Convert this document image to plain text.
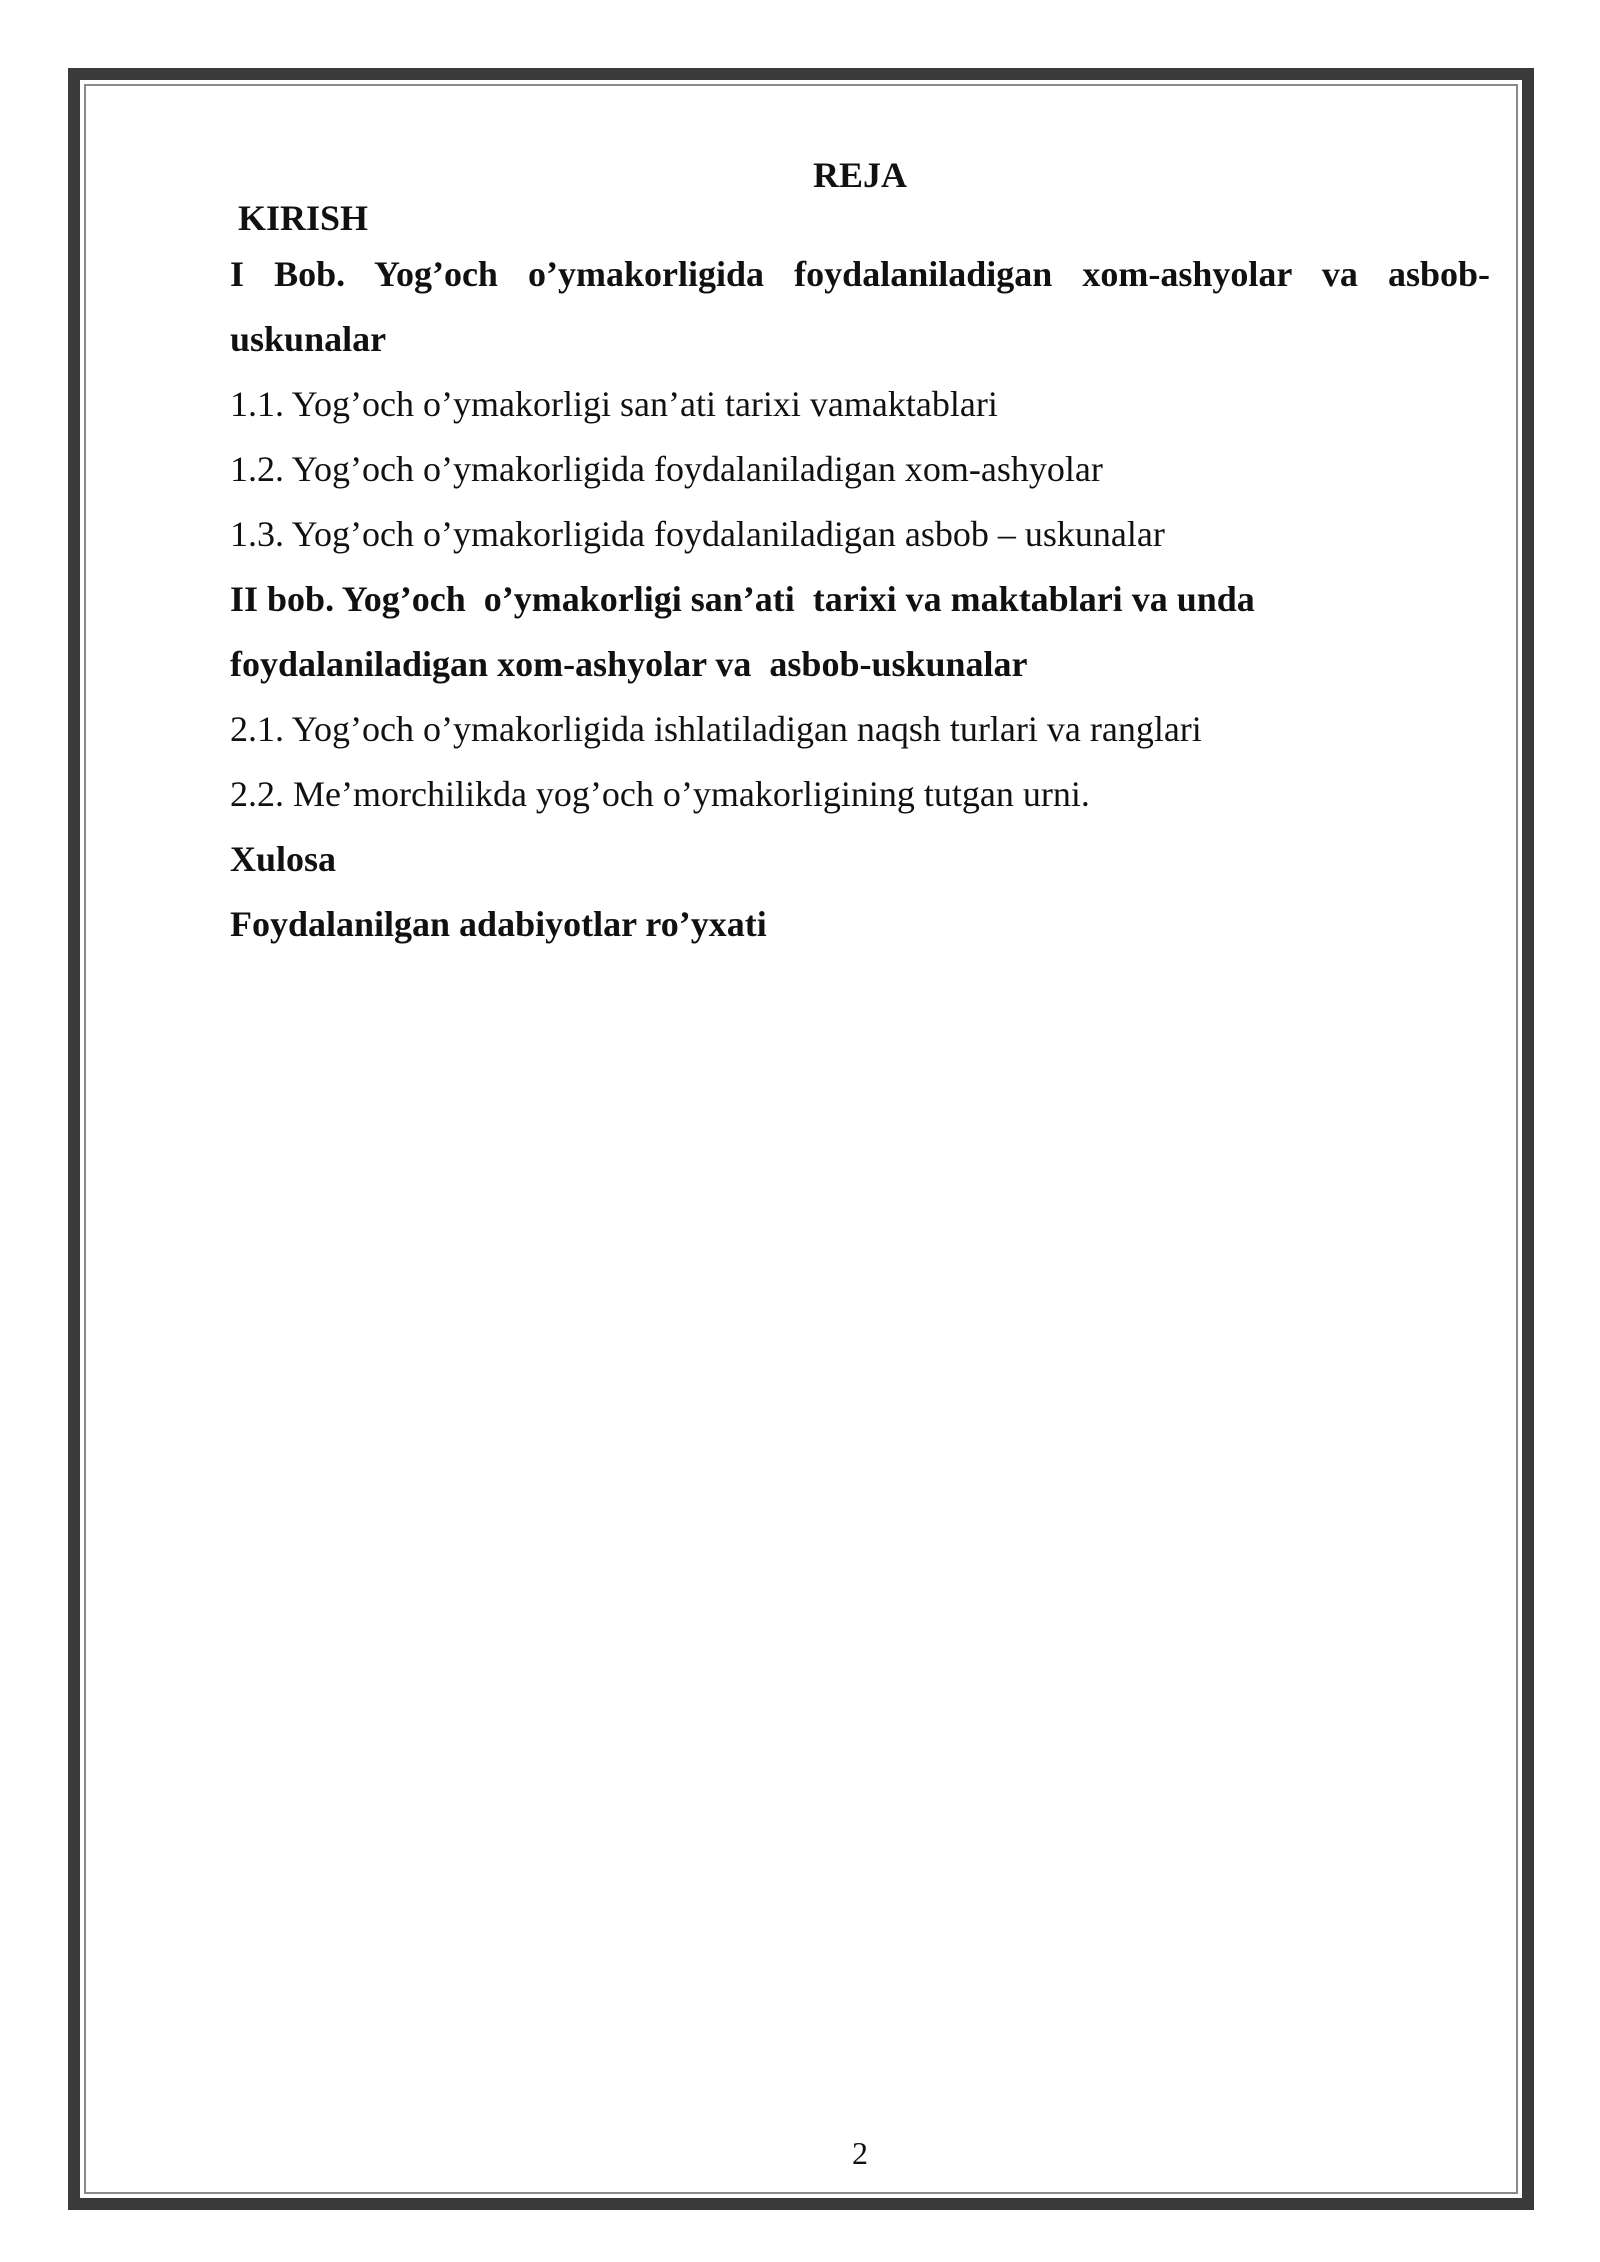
REJA

KIRISH

I Bob. Yog’och o’ymakorligida foydalaniladigan xom-ashyolar va asbob-uskunalar

1.1. Yog’och o’ymakorligi san’ati tarixi vamaktablari

1.2. Yog’och o’ymakorligida foydalaniladigan xom-ashyolar

1.3. Yog’och o’ymakorligida foydalaniladigan asbob – uskunalar

II bob. Yog’och  o’ymakorligi san’ati  tarixi va maktablari va unda

foydalaniladigan xom-ashyolar va  asbob-uskunalar

2.1. Yog’och o’ymakorligida ishlatiladigan naqsh turlari va ranglari

2.2. Me’morchilikda yog’och o’ymakorligining tutgan urni.

Xulosa

Foydalanilgan adabiyotlar ro’yxati

2
